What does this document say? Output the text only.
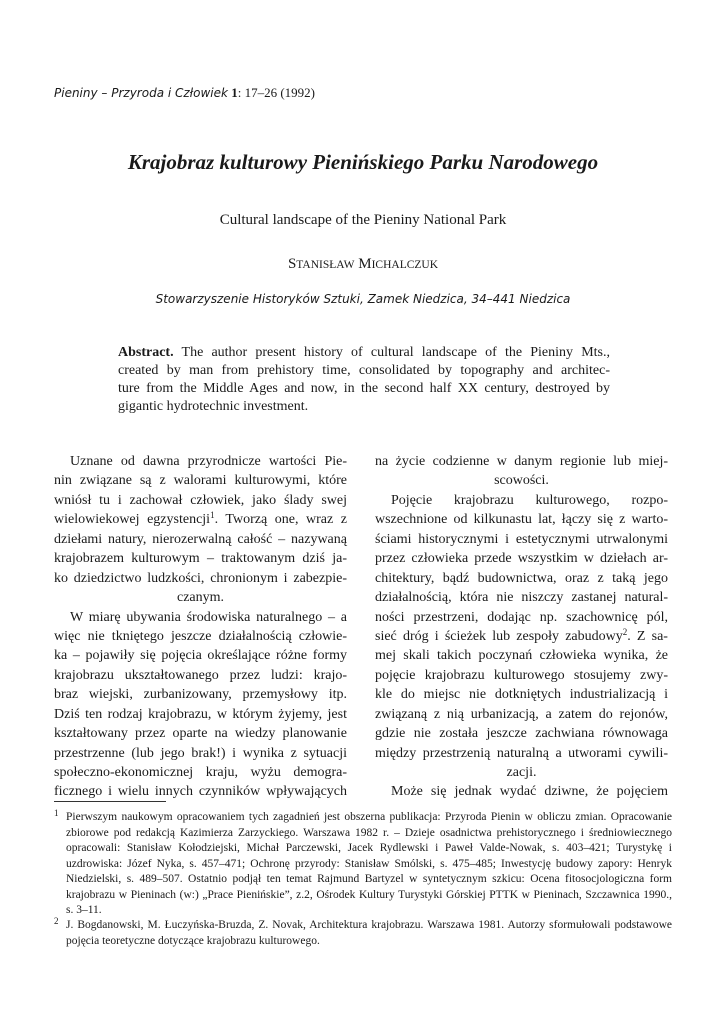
Pieniny – Przyroda i Człowiek 1: 17–26 (1992)
Krajobraz kulturowy Pienińskiego Parku Narodowego
Cultural landscape of the Pieniny National Park
STANISŁAW MICHALCZUK
Stowarzyszenie Historyków Sztuki, Zamek Niedzica, 34–441 Niedzica
Abstract. The author present history of cultural landscape of the Pieniny Mts.,
created by man from prehistory time, consolidated by topography and architec-
ture from the Middle Ages and now, in the second half XX century, destroyed by
gigantic hydrotechnic investment.
Uznane od dawna przyrodnicze wartości Pie-
nin związane są z walorami kulturowymi, które
wniósł tu i zachował człowiek, jako ślady swej
wielowiekowej egzystencji$^1$. Tworzą one, wraz z
dziełami natury, nierozerwalną całość – nazywaną
krajobrazem kulturowym – traktowanym dziś ja-
ko dziedzictwo ludzkości, chronionym i zabezpie-
czanym.
W miarę ubywania środowiska naturalnego – a
więc nie tkniętego jeszcze działalnością człowie-
ka – pojawiły się pojęcia określające różne formy
krajobrazu ukształtowanego przez ludzi: krajo-
braz wiejski, zurbanizowany, przemysłowy itp.
Dziś ten rodzaj krajobrazu, w którym żyjemy, jest
kształtowany przez oparte na wiedzy planowanie
przestrzenne (lub jego brak!) i wynika z sytuacji
społeczno-ekonomicznej kraju, wyżu demogra-
ficznego i wielu innych czynników wpływających
na życie codzienne w danym regionie lub miej-
scowości.
Pojęcie krajobrazu kulturowego, rozpo-
wszechnione od kilkunastu lat, łączy się z warto-
ściami historycznymi i estetycznymi utrwalonymi
przez człowieka przede wszystkim w dziełach ar-
chitektury, bądź budownictwa, oraz z taką jego
działalnością, która nie niszczy zastanej natural-
ności przestrzeni, dodając np. szachownicę pól,
sieć dróg i ścieżek lub zespoły zabudowy$^2$. Z sa-
mej skali takich poczynań człowieka wynika, że
pojęcie krajobrazu kulturowego stosujemy zwy-
kle do miejsc nie dotkniętych industrializacją i
związaną z nią urbanizacją, a zatem do rejonów,
gdzie nie została jeszcze zachwiana równowaga
między przestrzenią naturalną a utworami cywili-
zacji.
Może się jednak wydać dziwne, że pojęciem
1 Pierwszym naukowym opracowaniem tych zagadnień jest obszerna publikacja: Przyroda Pienin w obliczu zmian. Opracowanie
zbiorowe pod redakcją Kazimierza Zarzyckiego. Warszawa 1982 r. – Dzieje osadnictwa prehistorycznego i średniowiecznego
opracowali: Stanisław Kołodziejski, Michał Parczewski, Jacek Rydlewski i Paweł Valde-Nowak, s. 403–421; Turystykę i
uzdrowiska: Józef Nyka, s. 457–471; Ochronę przyrody: Stanisław Smólski, s. 475–485; Inwestycję budowy zapory: Henryk
Niedzielski, s. 489–507. Ostatnio podjął ten temat Rajmund Bartyzel w syntetycznym szkicu: Ocena fitosocjologiczna form
krajobrazu w Pieninach (w:) „Prace Pienińskie”, z.2, Ośrodek Kultury Turystyki Górskiej PTTK w Pieninach, Szczawnica 1990.,
s. 3–11.
2 J. Bogdanowski, M. Łuczyńska-Bruzda, Z. Novak, Architektura krajobrazu. Warszawa 1981. Autorzy sformułowali podstawowe
pojęcia teoretyczne dotyczące krajobrazu kulturowego.
